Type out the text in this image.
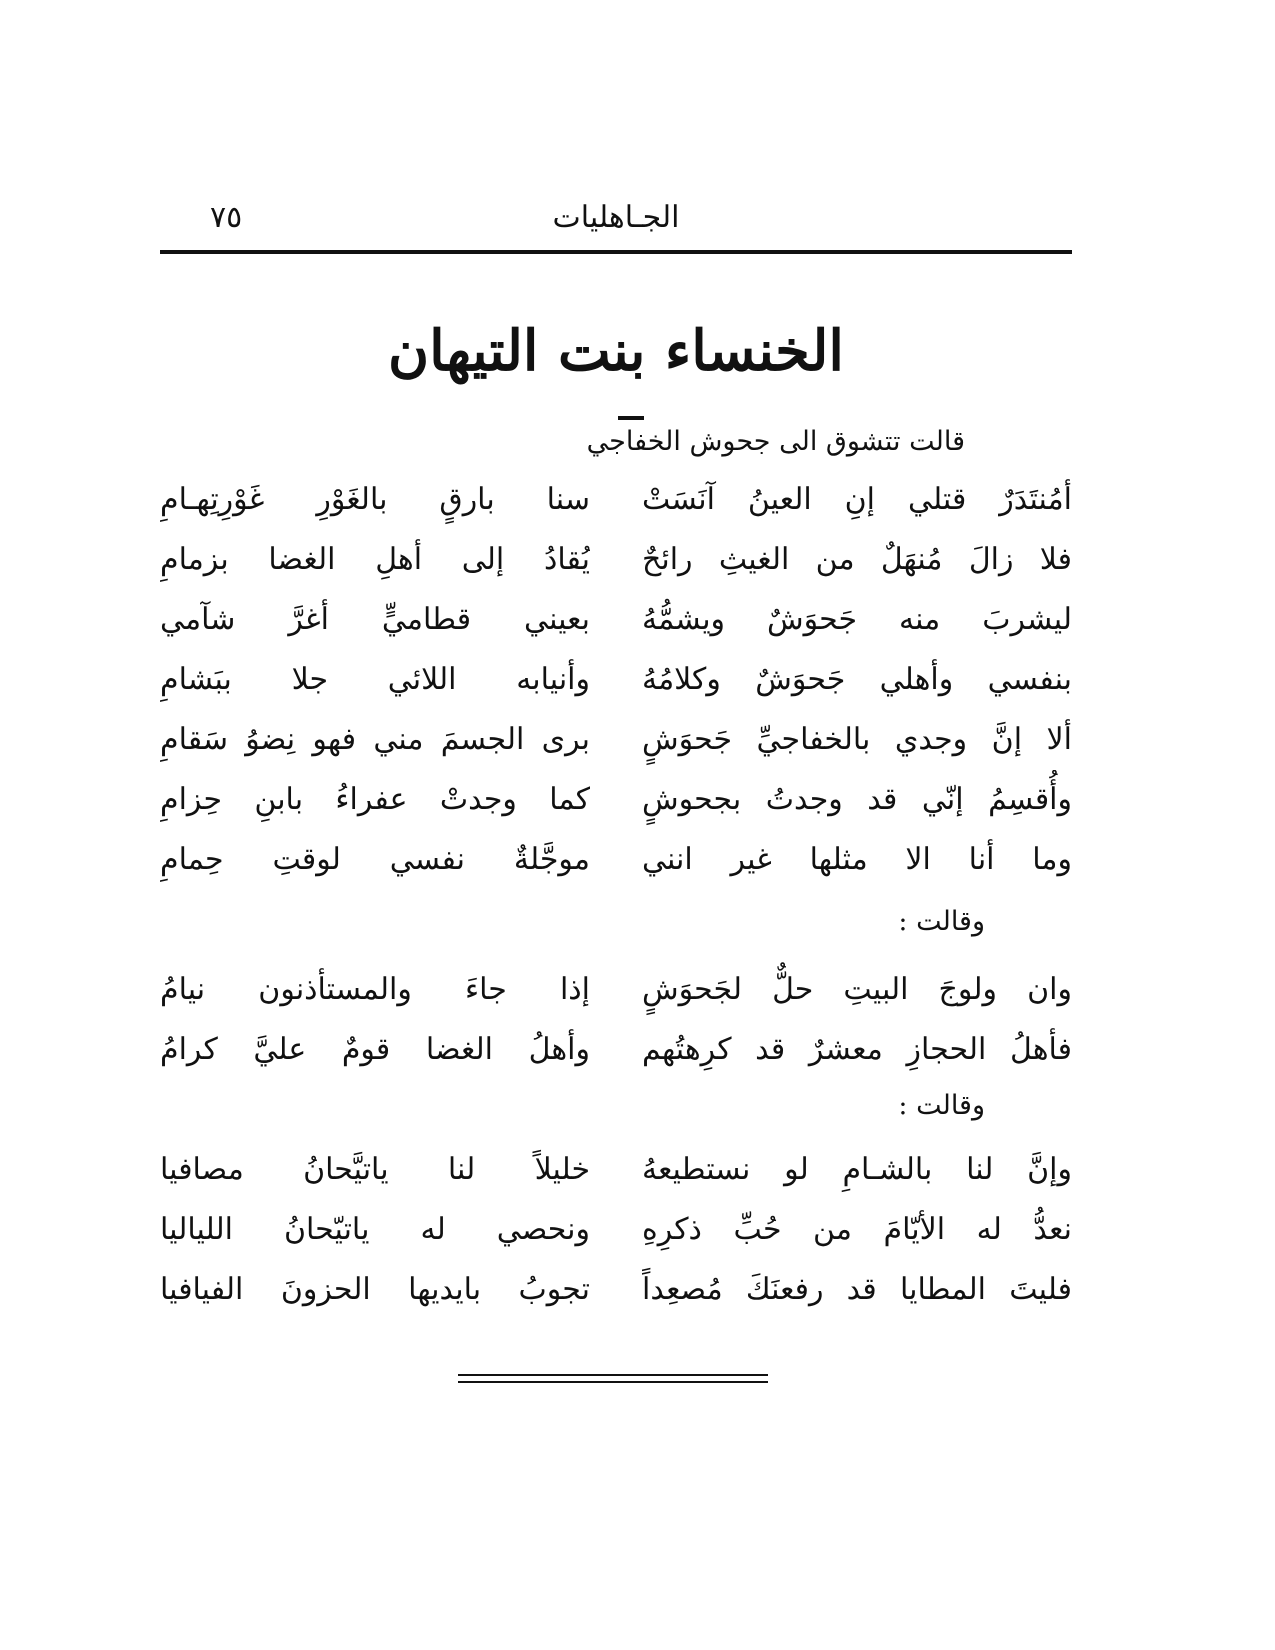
٧٥	الجـاهليات
الخنساء بنت التيهان
قالت تتشوق الى جحوش الخفاجي
أمُنتَدَرٌ قتلي إنِ العينُ آنَسَتْ
سنا بارقٍ بالغَوْرِ غَوْرِتِهـامِ
فلا زالَ مُنهَلٌ من الغيثِ رائحٌ
يُقادُ إلى أهلِ الغضا بزمامِ
ليشربَ منه جَحوَشٌ ويشمُّهُ
بعيني قطاميٍّ أغرَّ شآمي
بنفسي وأهلي جَحوَشٌ وكلامُهُ
وأنيابه اللائي جلا ببَشامِ
ألا إنَّ وجدي بالخفاجيِّ جَحوَشٍ
برى الجسمَ مني فهو نِضوُ سَقامِ
وأُقسِمُ إنّي قد وجدتُ بجحوشٍ
كما وجدتْ عفراءُ بابنِ حِزامِ
وما أنا الا مثلها غير انني
موجَّلةٌ نفسي لوقتِ حِمامِ
وقالت :
وان ولوجَ البيتِ حلٌّ لجَحوَشٍ
إذا جاءَ والمستأذنون نيامُ
فأهلُ الحجازِ معشرٌ قد كرِهتُهم
وأهلُ الغضا قومٌ عليَّ كرامُ
وقالت :
وإنَّ لنا بالشـامِ لو نستطيعهُ
خليلاً لنا ياتيَّحانُ مصافيا
نعدُّ له الأيّامَ من حُبِّ ذكرِهِ
ونحصي له ياتيّحانُ اللياليا
فليتَ المطايا قد رفعنَكَ مُصعِداً
تجوبُ بايديها الحزونَ الفيافيا
